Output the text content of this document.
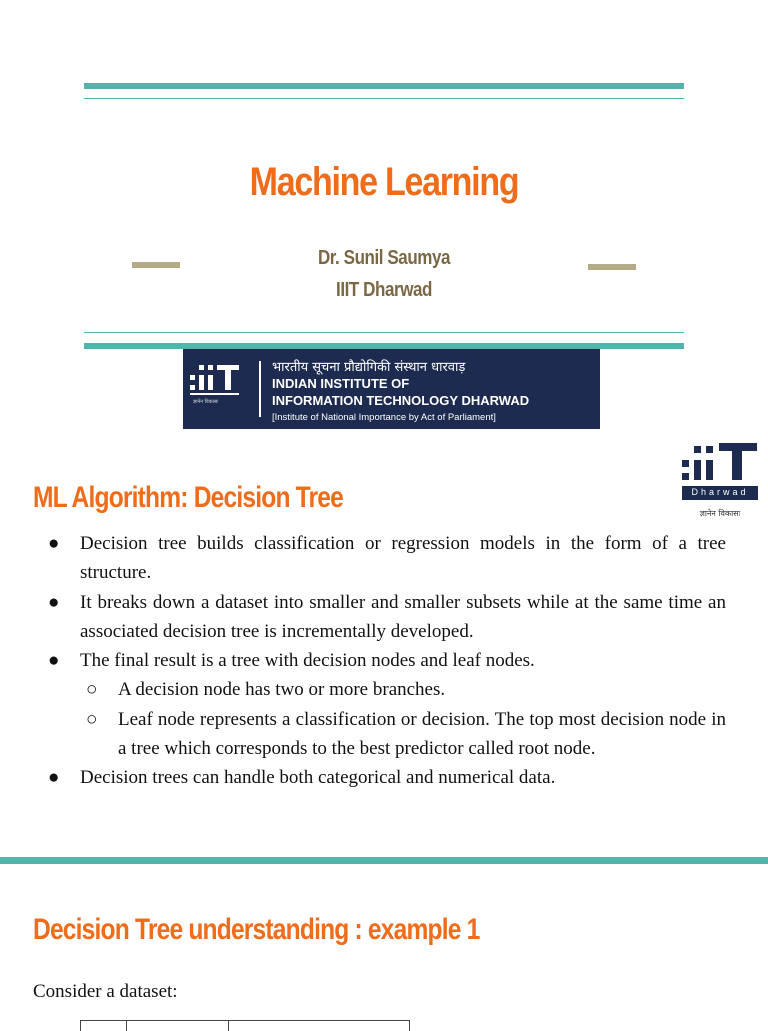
Machine Learning
Dr. Sunil Saumya
IIIT Dharwad
ज्ञानेन विकासः
भारतीय सूचना प्रौद्योगिकी संस्थान धारवाड़
INDIAN INSTITUTE OF
INFORMATION TECHNOLOGY DHARWAD
[Institute of National Importance by Act of Parliament]
Dharwad
ज्ञानेन विकासः
ML Algorithm: Decision Tree
●	Decision tree builds classification or regression models in the form of a tree structure.
●	It breaks down a dataset into smaller and smaller subsets while at the same time an associated decision tree is incrementally developed.
●	The final result is a tree with decision nodes and leaf nodes.
○	A decision node has two or more branches.
○	Leaf node represents a classification or decision. The top most decision node in a tree which corresponds to the best predictor called root node.
●	Decision trees can handle both categorical and numerical data.
Decision Tree understanding : example 1
Consider a dataset:
